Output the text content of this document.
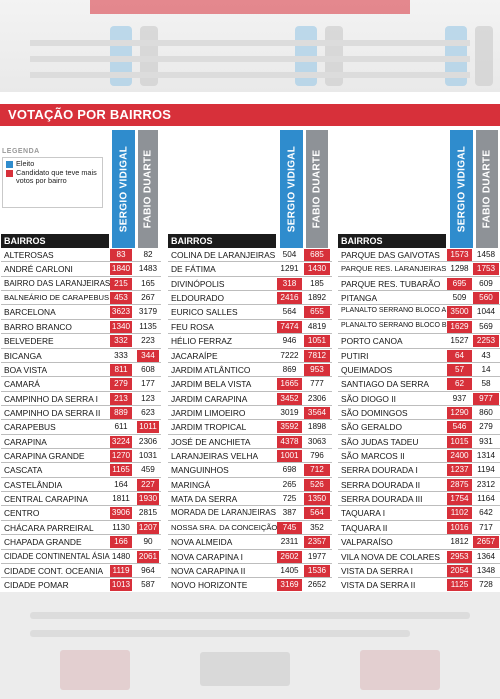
VOTAÇÃO POR BAIRROS
LEGENDA
Eleito
Candidato que teve mais votos por bairro	SERGIO VIDIGAL FABIO DUARTE
BAIRROS
ALTEROSAS	83	82
ANDRÉ CARLONI	1840 1483
BAIRRO DAS LARANJEIRAS 215	165
BALNEÁRIO DE CARAPEBUS 453	267
BARCELONA	3623 3179
BARRO BRANCO	1340 1135
BELVEDERE	332	223
BICANGA	333	344
BOA VISTA	811	608
CAMARÁ	279	177
CAMPINHO DA SERRA I	213	123
CAMPINHO DA SERRA II	889	623
CARAPEBUS	611	1011
CARAPINA	3224 2306
CARAPINA GRANDE	1270 1031
CASCATA	1165	459
CASTELÂNDIA	164	227
CENTRAL CARAPINA	1811 1930
CENTRO	3906 2815
CHÁCARA PARREIRAL 1130 1207
CHAPADA GRANDE	166	90
CIDADE CONTINENTAL ÁSIA 1480 2061
CIDADE CONT. OCEANIA	1119	964
CIDADE POMAR	1013	587
SERGIO VIDIGAL FABIO DUARTE
BAIRROS
COLINA DE LARANJEIRAS 504	685
DE FÁTIMA	1291	1430
DIVINÓPOLIS	318	185
ELDOURADO	2416	1892
EURICO SALLES	564	655
FEU ROSA	7474	4819
HÉLIO FERRAZ	946	1051
JACARAÍPE	7222	7812
JARDIM ATLÂNTICO	869	953
JARDIM BELA VISTA	1665	777
JARDIM CARAPINA	3452	2306
JARDIM LIMOEIRO	3019	3564
JARDIM TROPICAL	3592	1898
JOSÉ DE ANCHIETA	4378	3063
LARANJEIRAS VELHA	1001	796
MANGUINHOS	698	712
MARINGÁ	265	526
MATA DA SERRA	725	1350
MORADA DE LARANJEIRAS 387	564
NOSSA SRA. DA CONCEIÇÃO 745	352
NOVA ALMEIDA	2311	2357
NOVA CARAPINA I	2602	1977
NOVA CARAPINA II	1405	1536
NOVO HORIZONTE	3169	2652
SERGIO VIDIGAL FABIO DUARTE
BAIRROS
PARQUE DAS GAIVOTAS	1573	1458
PARQUE RES. LARANJEIRAS 1298	1753
PARQUE RES. TUBARÃO	695	609
PITANGA	509	560
PLANALTO SERRANO BLOCO A 3500	1044
PLANALTO SERRANO BLOCO B 1629	569
PORTO CANOA	1527	2253
PUTIRI	64	43
QUEIMADOS	57	14
SANTIAGO DA SERRA	62	58
SÃO DIOGO II	937	977
SÃO DOMINGOS	1290	860
SÃO GERALDO	546	279
SÃO JUDAS TADEU	1015	931
SÃO MARCOS II	2400	1314
SERRA DOURADA I	1237	1194
SERRA DOURADA II	2875	2312
SERRA DOURADA III	1754	1164
TAQUARA I	1102	642
TAQUARA II	1016	717
VALPARAÍSO	1812	2657
VILA NOVA DE COLARES	2953	1364
VISTA DA SERRA I	2054	1348
VISTA DA SERRA II	1125	728
